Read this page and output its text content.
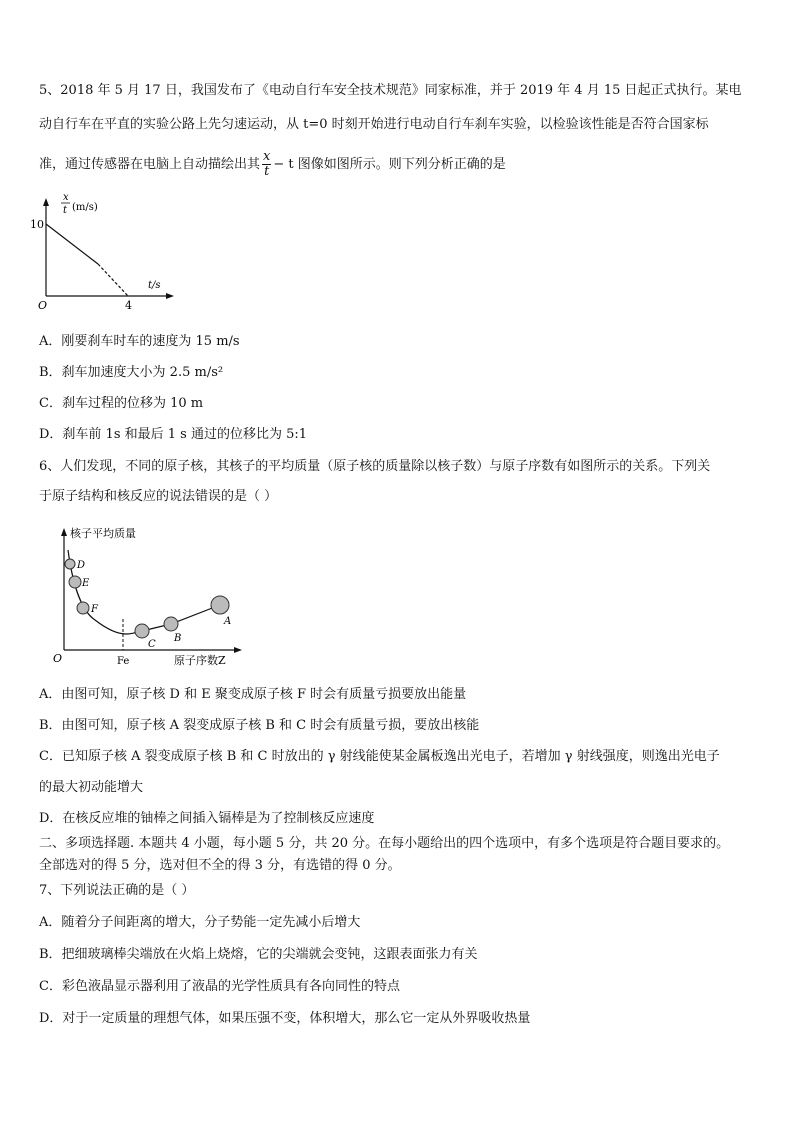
5、2018 年 5 月 17 日，我国发布了《电动自行车安全技术规范》同家标准，并于 2019 年 4 月 15 日起正式执行。某电
动自行车在平直的实验公路上先匀速运动，从 t=0 时刻开始进行电动自行车刹车实验，以检验该性能是否符合国家标
准，通过传感器在电脑上自动描绘出其 $\frac{x}{t} - t$ 图像如图所示。则下列分析正确的是
x
t (m/s)
10
O	4
t/s
A．刚要刹车时车的速度为 15 m/s
B．刹车加速度大小为 2.5 m/s²
C．刹车过程的位移为 10 m
D．刹车前 1s 和最后 1 s 通过的位移比为 5:1
6、人们发现，不同的原子核，其核子的平均质量（原子核的质量除以核子数）与原子序数有如图所示的关系。下列关
于原子结构和核反应的说法错误的是（ ）
核子平均质量
D
E
F
C
B
A
O	Fe	原子序数Z
A．由图可知，原子核 D 和 E 聚变成原子核 F 时会有质量亏损要放出能量
B．由图可知，原子核 A 裂变成原子核 B 和 C 时会有质量亏损，要放出核能
C．已知原子核 A 裂变成原子核 B 和 C 时放出的 γ 射线能使某金属板逸出光电子，若增加 γ 射线强度，则逸出光电子
的最大初动能增大
D．在核反应堆的铀棒之间插入镉棒是为了控制核反应速度
二、多项选择题. 本题共 4 小题，每小题 5 分，共 20 分。在每小题给出的四个选项中，有多个选项是符合题目要求的。
全部选对的得 5 分，选对但不全的得 3 分，有选错的得 0 分。
7、下列说法正确的是（ ）
A．随着分子间距离的增大，分子势能一定先减小后增大
B．把细玻璃棒尖端放在火焰上烧熔，它的尖端就会变钝，这跟表面张力有关
C．彩色液晶显示器利用了液晶的光学性质具有各向同性的特点
D．对于一定质量的理想气体，如果压强不变，体积增大，那么它一定从外界吸收热量
